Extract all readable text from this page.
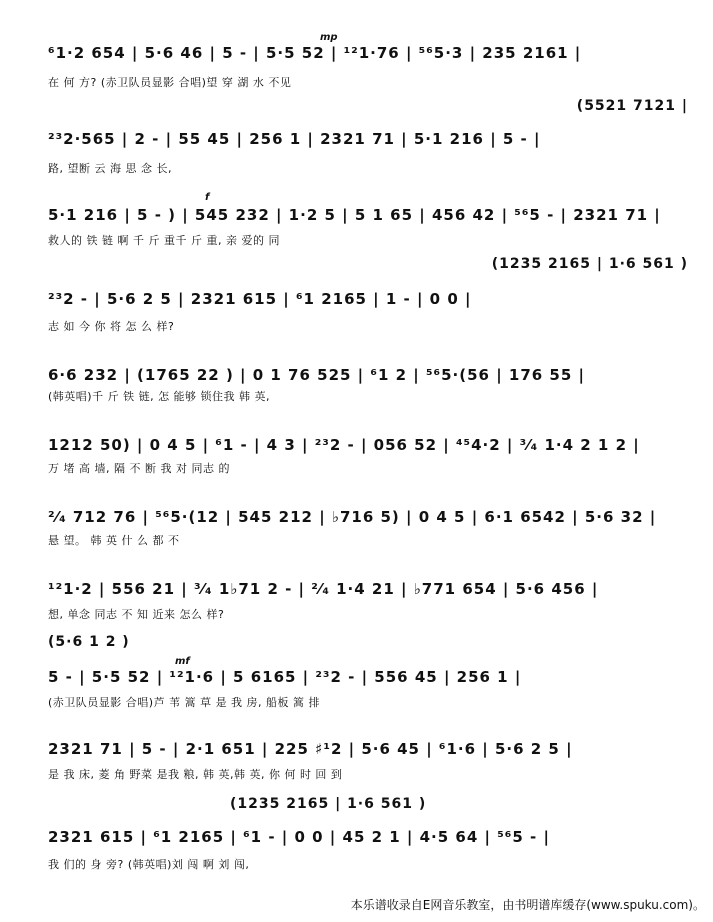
mp
⁶1·2 654 | 5·6 46 | 5 - | 5·5 52 | ¹²1·76 | ⁵⁶5·3 | 235 2161 |
在 何 方? (赤卫队员显影 合唱)望 穿 湖 水 不见
(5521 7121 |
²³2·565 | 2 - | 55 45 | 256 1 | 2321 71 | 5·1 216 | 5 - |
路, 望断 云 海 思 念 长,
f
5·1 216 | 5 - ) | 545 232 | 1·2 5 | 5 1 65 | 456 42 | ⁵⁶5 - | 2321 71 |
救人的 铁 链 啊 千 斤 重千 斤 重, 亲 爱的 同
(1235 2165 | 1·6 561 )
²³2 - | 5·6 2 5 | 2321 615 | ⁶1 2165 | 1 - | 0 0 |
志 如 今 你 将 怎 么 样?
6·6 232 | (1765 22 ) | 0 1 76 525 | ⁶1 2 | ⁵⁶5·(56 | 176 55 |
(韩英唱)千 斤 铁 链, 怎 能够 锁住我 韩 英,
1212 50) | 0 4 5 | ⁶1 - | 4 3 | ²³2 - | 056 52 | ⁴⁵4·2 | ³⁄₄ 1·4 2 1 2 |
万 堵 高 墙, 隔 不 断 我 对 同志 的
²⁄₄ 712 76 | ⁵⁶5·(12 | 545 212 | ♭716 5) | 0 4 5 | 6·1 6542 | 5·6 32 |
悬 望。 韩 英 什 么 都 不
¹²1·2 | 556 21 | ³⁄₄ 1♭71 2 - | ²⁄₄ 1·4 21 | ♭771 654 | 5·6 456 |
想, 单念 同志 不 知 近来 怎么 样?
(5·6 1 2 )
mf
5 - | 5·5 52 | ¹²1·6 | 5 6165 | ²³2 - | 556 45 | 256 1 |
(赤卫队员显影 合唱)芦 苇 篙 草 是 我 房, 船板 篙 排
2321 71 | 5 - | 2·1 651 | 225 ♯¹2 | 5·6 45 | ⁶1·6 | 5·6 2 5 |
是 我 床, 菱 角 野菜 是我 粮, 韩 英,韩 英, 你 何 时 回 到
(1235 2165 | 1·6 561 )
2321 615 | ⁶1 2165 | ⁶1 - | 0 0 | 45 2 1 | 4·5 64 | ⁵⁶5 - |
我 们的 身 旁? (韩英唱)刘 闯 啊 刘 闯,
本乐谱收录自E网音乐教室，由书明谱库缓存(www.spuku.com)。
